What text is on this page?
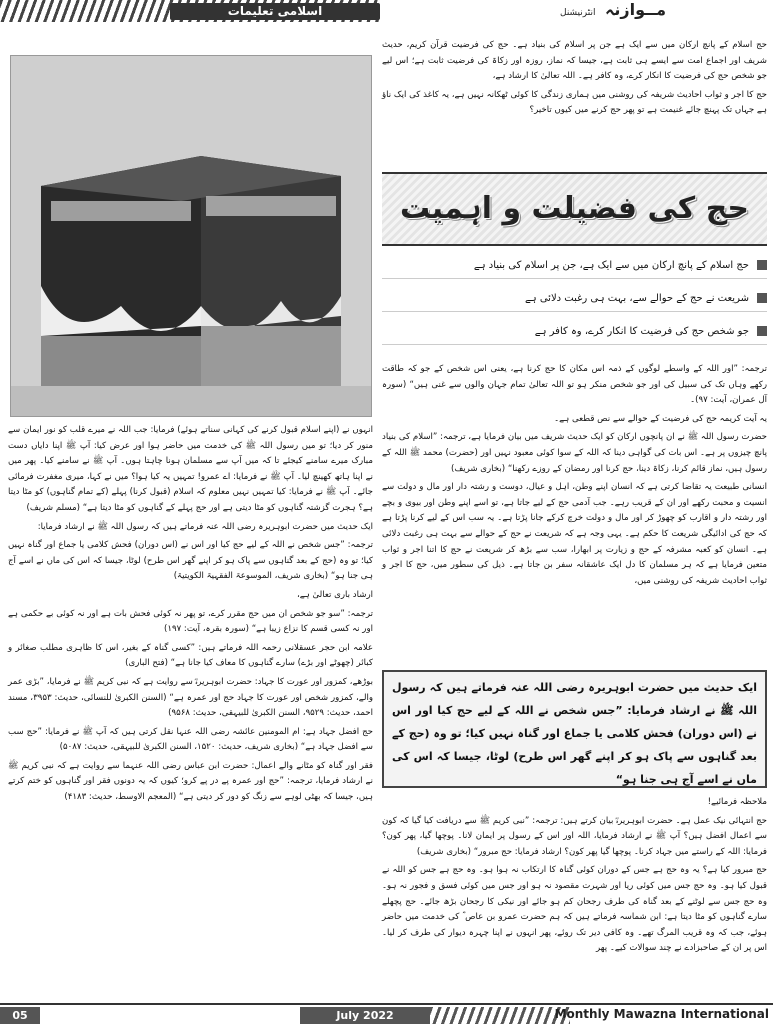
اسلامی تعلیمات	مــوازنہ انٹرنیشنل

حج اسلام کے پانچ ارکان میں سے ایک ہے جن پر اسلام کی بنیاد ہے۔ حج کی فرضیت قرآن کریم، حدیث شریف اور اجماع امت سے ایسے ہی ثابت ہے، جیسا کہ نماز، روزہ اور زکاۃ کی فرضیت ثابت ہے؛ اس لیے جو شخص حج کی فرضیت کا انکار کرے، وہ کافر ہے۔ اللہ تعالیٰ کا ارشاد ہے،

حج کا اجر و ثواب احادیث شریفہ کی روشنی میں ہماری زندگی کا کوئی ٹھکانہ نہیں ہے، یہ کاغذ کی ایک ناؤ ہے جہاں تک پہنچ جائے غنیمت ہے تو پھر حج کرنے میں کیوں تاخیر؟

حج کی فضیلت و اہمیت
حج اسلام کے پانچ ارکان میں سے ایک ہے، جن پر اسلام کی بنیاد ہے
شریعت نے حج کے حوالے سے، بہت ہی رغبت دلائی ہے
جو شخص حج کی فرضیت کا انکار کرے، وہ کافر ہے

ترجمہ: ”اور اللہ کے واسطے لوگوں کے ذمہ اس مکان کا حج کرنا ہے، یعنی اس شخص کے جو کہ طاقت رکھے وہاں تک کی سبیل کی اور جو شخص منکر ہو تو اللہ تعالیٰ تمام جہان والوں سے غنی ہیں“ (سورہ آل عمران، آیت: ۹۷)۔

یہ آیت کریمہ حج کی فرضیت کے حوالے سے نص قطعی ہے۔

حضرت رسول اللہ ﷺ نے ان پانچوں ارکان کو ایک حدیث شریف میں بیان فرمایا ہے، ترجمہ: ”اسلام کی بنیاد پانچ چیزوں پر ہے۔ اس بات کی گواہی دینا کہ اللہ کے سوا کوئی معبود نہیں اور (حضرت) محمد ﷺ اللہ کے رسول ہیں، نماز قائم کرنا، زکاۃ دینا، حج کرنا اور رمضان کے روزے رکھنا“ (بخاری شریف)

انسانی طبیعت یہ تقاضا کرتی ہے کہ انسان اپنے وطن، اہل و عیال، دوست و رشتہ دار اور مال و دولت سے انسیت و محبت رکھے اور ان کے قریب رہے۔ جب آدمی حج کے لیے جاتا ہے، تو اسے اپنے وطن اور بیوی و بچے اور رشتہ دار و اقارب کو چھوڑ کر اور مال و دولت خرچ کرکے جانا پڑتا ہے۔ یہ سب اس کے لیے کرنا پڑتا ہے کہ حج کی ادائیگی شریعت کا حکم ہے۔ یہی وجہ ہے کہ شریعت نے حج کے حوالے سے بہت ہی رغبت دلائی ہے۔ انسان کو کعبہ مشرفہ کے حج و زیارت پر ابھارا، سب سے بڑھ کر شریعت نے حج کا اتنا اجر و ثواب متعین فرمایا ہے کہ ہر مسلمان کا دل ایک عاشقانہ سفر بن جاتا ہے۔ ذیل کی سطور میں، حج کا اجر و ثواب احادیث شریفہ کی روشنی میں،

ایک حدیث میں حضرت ابوہریرہ رضی اللہ عنہ فرماتے ہیں کہ رسول اللہ ﷺ نے ارشاد فرمایا: ”جس شخص نے اللہ کے لیے حج کیا اور اس نے (اس دوران) فحش کلامی یا جماع اور گناہ نہیں کیا؛ تو وہ (حج کے بعد گناہوں سے پاک ہو کر اپنے گھر اس طرح) لوٹا، جیسا کہ اس کی ماں نے اسے آج ہی جنا ہو“

ملاحظہ فرمائیے!

حج انتہائی نیک عمل ہے۔ حضرت ابوہریرہؓ بیان کرتے ہیں: ترجمہ: ”نبی کریم ﷺ سے دریافت کیا گیا کہ کون سے اعمال افضل ہیں؟ آپ ﷺ نے ارشاد فرمایا، اللہ اور اس کے رسول پر ایمان لانا۔ پوچھا گیا، پھر کون؟ فرمایا: اللہ کے راستے میں جہاد کرنا۔ پوچھا گیا پھر کون؟ ارشاد فرمایا: حج مبرور“ (بخاری شریف)

حج مبرور کیا ہے؟ یہ وہ حج ہے جس کے دوران کوئی گناہ کا ارتکاب نہ ہوا ہو۔ وہ حج ہے جس کو اللہ نے قبول کیا ہو۔ وہ حج جس میں کوئی ریا اور شہرت مقصود نہ ہو اور جس میں کوئی فسق و فجور نہ ہو۔ وہ حج جس سے لوٹنے کے بعد گناہ کی طرف رجحان کم ہو جائے اور نیکی کا رجحان بڑھ جائے۔ حج پچھلے سارے گناہوں کو مٹا دیتا ہے: ابن شماسہ فرماتے ہیں کہ ہم حضرت عمرو بن عاص ؓ کی خدمت میں حاضر ہوئے، جب کہ وہ قریب المرگ تھے۔ وہ کافی دیر تک روئے، پھر انہوں نے اپنا چہرہ دیوار کی طرف کر لیا۔ اس پر ان کے صاحبزادے نے چند سوالات کیے۔ پھر

انہوں نے (اپنے اسلام قبول کرنے کی کہانی سناتے ہوئے) فرمایا: جب اللہ نے میرے قلب کو نور ایمان سے منور کر دیا؛ تو میں رسول اللہ ﷺ کی خدمت میں حاضر ہوا اور عرض کیا: آپ ﷺ اپنا دایاں دست مبارک میرے سامنے کیجئے تا کہ میں آپ سے مسلمان ہونا چاہتا ہوں۔ آپ ﷺ نے سامنے کیا۔ پھر میں نے اپنا ہاتھ کھینچ لیا۔ آپ ﷺ نے فرمایا: اے عمرو! تمہیں یہ کیا ہوا؟ میں نے کہا، میری مغفرت فرمائی جائے۔ آپ ﷺ نے فرمایا: کیا تمہیں نہیں معلوم کہ اسلام (قبول کرنا) پہلے (کے تمام گناہوں) کو مٹا دیتا ہے؟ ہجرت گزشتہ گناہوں کو مٹا دیتی ہے اور حج پہلے کے گناہوں کو مٹا دیتا ہے“ (مسلم شریف)

ایک حدیث میں حضرت ابوہریرہ رضی اللہ عنہ فرماتے ہیں کہ رسول اللہ ﷺ نے ارشاد فرمایا:

ترجمہ: ”جس شخص نے اللہ کے لیے حج کیا اور اس نے (اس دوران) فحش کلامی یا جماع اور گناہ نہیں کیا؛ تو وہ (حج کے بعد گناہوں سے پاک ہو کر اپنے گھر اس طرح) لوٹا، جیسا کہ اس کی ماں نے اسے آج ہی جنا ہو“ (بخاری شریف، الموسوعۃ الفقہیۃ الکویتیۃ)

ارشاد باری تعالیٰ ہے،

ترجمہ: ”سو جو شخص ان میں حج مقرر کرے، تو پھر نہ کوئی فحش بات ہے اور نہ کوئی بے حکمی ہے اور نہ کسی قسم کا نزاع زیبا ہے“ (سورہ بقرہ، آیت: ۱۹۷)

علامہ ابن حجر عسقلانی رحمہ اللہ فرماتے ہیں: ”کسی گناہ کے بغیر، اس کا ظاہری مطلب صغائر و کبائر (چھوٹے اور بڑے) سارے گناہوں کا معاف کیا جانا ہے“ (فتح الباری)

بوڑھے، کمزور اور عورت کا جہاد: حضرت ابوہریرہؓ سے روایت ہے کہ نبی کریم ﷺ نے فرمایا، ”بڑی عمر والے، کمزور شخص اور عورت کا جہاد حج اور عمرہ ہے“ (السنن الکبریٰ للنسائی، حدیث: ۳۹۵۳، مسند احمد، حدیث: ۹۵۲۹، السنن الکبریٰ للبیہقی، حدیث: ۹۵۶۸)

حج افضل جہاد ہے: ام المومنین عائشہ رضی اللہ عنہا نقل کرتی ہیں کہ آپ ﷺ نے فرمایا: ”حج سب سے افضل جہاد ہے“ (بخاری شریف، حدیث: ۱۵۲۰، السنن الکبریٰ للبیہقی، حدیث: ۵۰۸۷)

فقر اور گناہ کو مٹانے والے اعمال: حضرت ابن عباس رضی اللہ عنہما سے روایت ہے کہ نبی کریم ﷺ نے ارشاد فرمایا، ترجمہ: ”حج اور عمرہ پے در پے کرو؛ کیوں کہ یہ دونوں فقر اور گناہوں کو ختم کرتے ہیں، جیسا کہ بھٹی لوہے سے زنگ کو دور کر دیتی ہے“ (المعجم الاوسط، حدیث: ۴۱۸۳)

05	July 2022	Monthly Mawazna International
